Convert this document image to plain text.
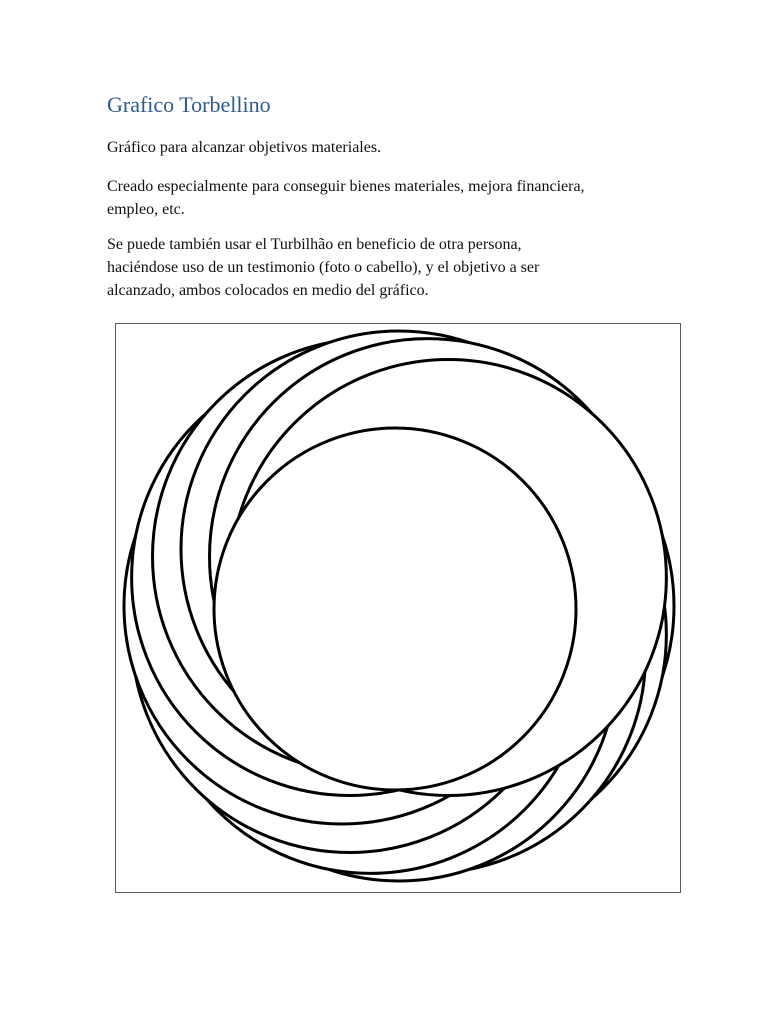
Grafico Torbellino

Gráfico para alcanzar objetivos materiales.

Creado especialmente para conseguir bienes materiales, mejora financiera,
empleo, etc.

Se puede también usar el Turbilhão en beneficio de otra persona,
haciéndose uso de un testimonio (foto o cabello), y el objetivo a ser
alcanzado, ambos colocados en medio del gráfico.
